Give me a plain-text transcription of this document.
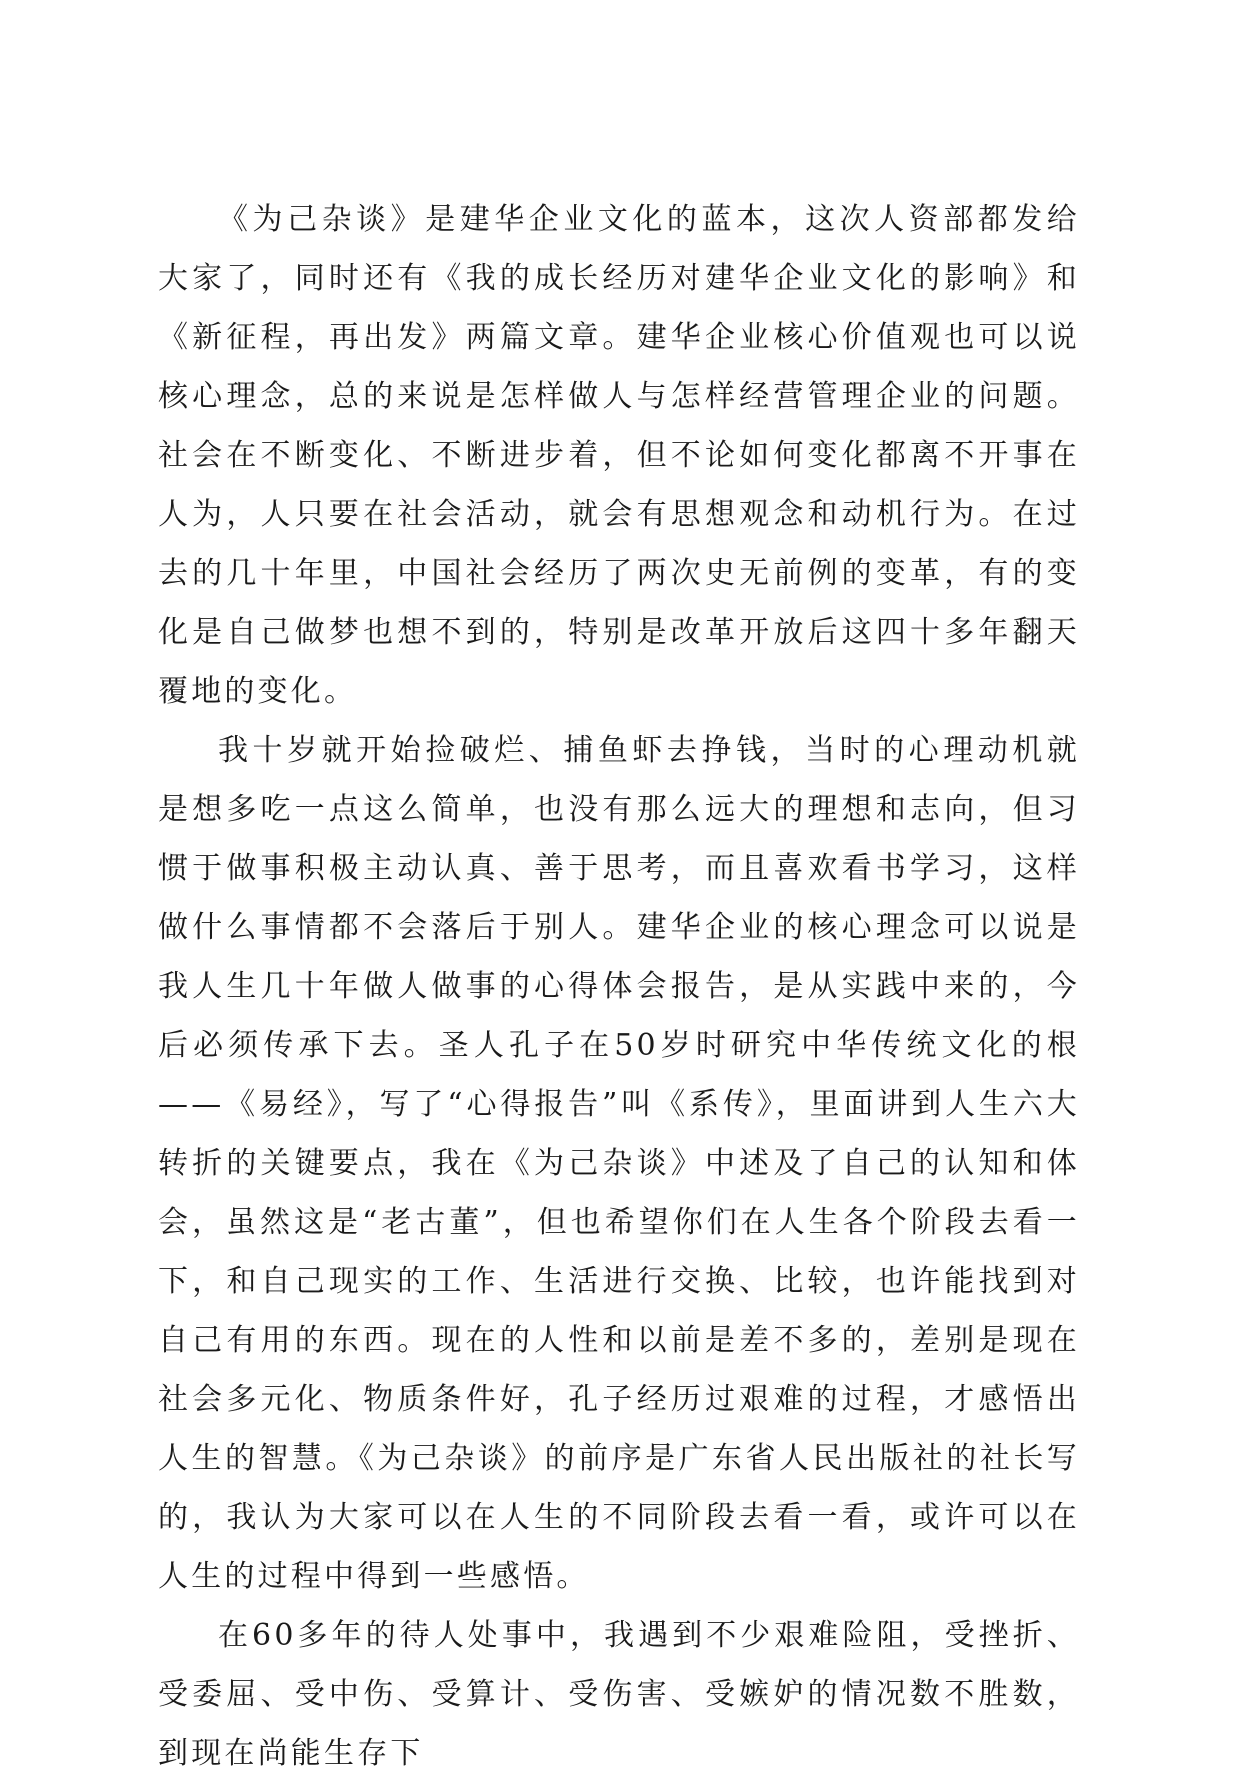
《为己杂谈》是建华企业文化的蓝本，这次人资部都发给大家了，同时还有《我的成长经历对建华企业文化的影响》和《新征程，再出发》两篇文章。建华企业核心价值观也可以说核心理念，总的来说是怎样做人与怎样经营管理企业的问题。社会在不断变化、不断进步着，但不论如何变化都离不开事在人为，人只要在社会活动，就会有思想观念和动机行为。在过去的几十年里，中国社会经历了两次史无前例的变革，有的变化是自己做梦也想不到的，特别是改革开放后这四十多年翻天覆地的变化。

我十岁就开始捡破烂、捕鱼虾去挣钱，当时的心理动机就是想多吃一点这么简单，也没有那么远大的理想和志向，但习惯于做事积极主动认真、善于思考，而且喜欢看书学习，这样做什么事情都不会落后于别人。建华企业的核心理念可以说是我人生几十年做人做事的心得体会报告，是从实践中来的，今后必须传承下去。圣人孔子在50岁时研究中华传统文化的根——《易经》，写了“心得报告”叫《系传》，里面讲到人生六大转折的关键要点，我在《为己杂谈》中述及了自己的认知和体会，虽然这是“老古董”，但也希望你们在人生各个阶段去看一下，和自己现实的工作、生活进行交换、比较，也许能找到对自己有用的东西。现在的人性和以前是差不多的，差别是现在社会多元化、物质条件好，孔子经历过艰难的过程，才感悟出人生的智慧。《为己杂谈》的前序是广东省人民出版社的社长写的，我认为大家可以在人生的不同阶段去看一看，或许可以在人生的过程中得到一些感悟。

在60多年的待人处事中，我遇到不少艰难险阻，受挫折、受委屈、受中伤、受算计、受伤害、受嫉妒的情况数不胜数，到现在尚能生存下
